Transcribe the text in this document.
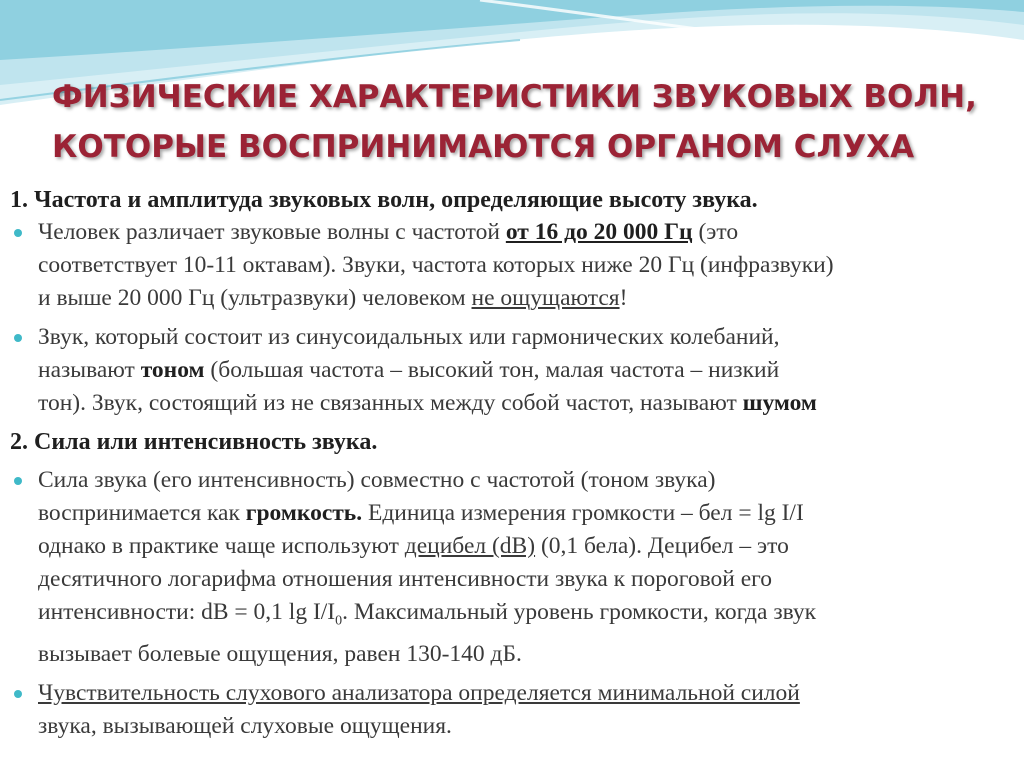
ФИЗИЧЕСКИЕ ХАРАКТЕРИСТИКИ ЗВУКОВЫХ ВОЛН,
КОТОРЫЕ ВОСПРИНИМАЮТСЯ ОРГАНОМ СЛУХА
1. Частота и амплитуда звуковых волн, определяющие высоту звука.
Человек различает звуковые волны с частотой от 16 до 20 000 Гц (это
соответствует 10-11 октавам). Звуки, частота которых ниже 20 Гц (инфразвуки)
и выше 20 000 Гц (ультразвуки) человеком не ощущаются!
Звук, который состоит из синусоидальных или гармонических колебаний,
называют тоном (большая частота – высокий тон, малая частота – низкий
тон). Звук, состоящий из не связанных между собой частот, называют шумом
2. Сила или интенсивность звука.
Сила звука (его интенсивность) совместно с частотой (тоном звука)
воспринимается как громкость. Единица измерения громкости – бел = lg I/I
однако в практике чаще используют децибел (dB) (0,1 бела). Децибел – это
десятичного логарифма отношения интенсивности звука к пороговой его
интенсивности: dB = 0,1 $\lg I/I_0$. Максимальный уровень громкости, когда звук
вызывает болевые ощущения, равен 130-140 дБ.
Чувствительность слухового анализатора определяется минимальной силой
звука, вызывающей слуховые ощущения.
